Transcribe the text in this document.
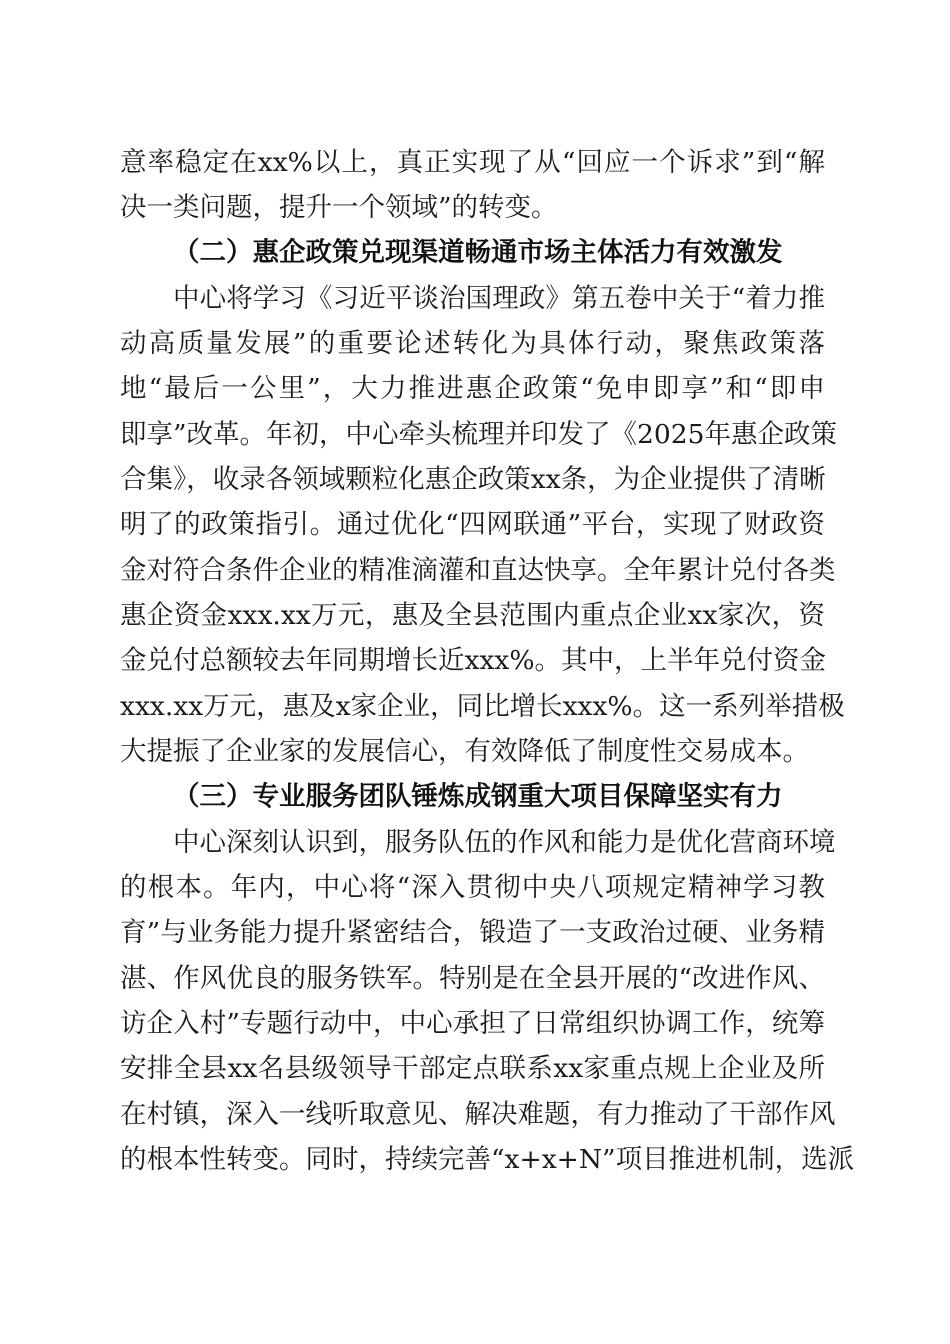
意率稳定在xx%以上，真正实现了从“回应一个诉求”到“解

决一类问题，提升一个领域”的转变。

（二）惠企政策兑现渠道畅通市场主体活力有效激发

中心将学习《习近平谈治国理政》第五卷中关于“着力推

动高质量发展”的重要论述转化为具体行动，聚焦政策落

地“最后一公里”，大力推进惠企政策“免申即享”和“即申

即享”改革。年初，中心牵头梳理并印发了《2025年惠企政策

合集》，收录各领域颗粒化惠企政策xx条，为企业提供了清晰

明了的政策指引。通过优化“四网联通”平台，实现了财政资

金对符合条件企业的精准滴灌和直达快享。全年累计兑付各类

惠企资金xxx.xx万元，惠及全县范围内重点企业xx家次，资

金兑付总额较去年同期增长近xxx%。其中，上半年兑付资金

xxx.xx万元，惠及x家企业，同比增长xxx%。这一系列举措极

大提振了企业家的发展信心，有效降低了制度性交易成本。

（三）专业服务团队锤炼成钢重大项目保障坚实有力

中心深刻认识到，服务队伍的作风和能力是优化营商环境

的根本。年内，中心将“深入贯彻中央八项规定精神学习教

育”与业务能力提升紧密结合，锻造了一支政治过硬、业务精

湛、作风优良的服务铁军。特别是在全县开展的“改进作风、

访企入村”专题行动中，中心承担了日常组织协调工作，统筹

安排全县xx名县级领导干部定点联系xx家重点规上企业及所

在村镇，深入一线听取意见、解决难题，有力推动了干部作风

的根本性转变。同时，持续完善“x+x+N”项目推进机制，选派
